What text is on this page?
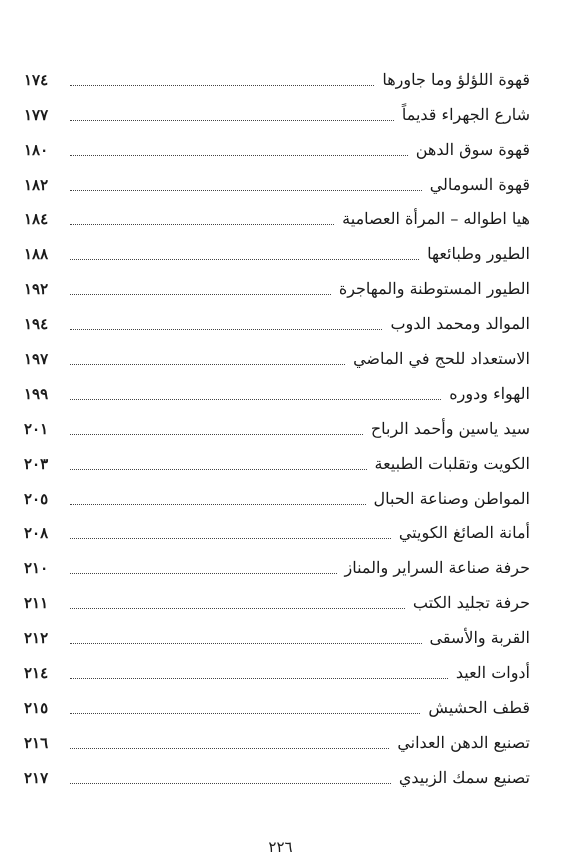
قهوة اللؤلؤ وما جاورها
١٧٤
شارع الجهراء قديماً
١٧٧
قهوة سوق الدهن
١٨٠
قهوة السومالي
١٨٢
هيا اطواله – المرأة العصامية
١٨٤
الطيور وطبائعها
١٨٨
الطيور المستوطنة والمهاجرة
١٩٢
الموالد ومحمد الدوب
١٩٤
الاستعداد للحج في الماضي
١٩٧
الهواء ودوره
١٩٩
سيد ياسين وأحمد الرباح
٢٠١
الكويت وتقلبات الطبيعة
٢٠٣
المواطن وصناعة الحبال
٢٠٥
أمانة الصائغ الكويتي
٢٠٨
حرفة صناعة السراير والمناز
٢١٠
حرفة تجليد الكتب
٢١١
القربة والأسقى
٢١٢
أدوات العيد
٢١٤
قطف الحشيش
٢١٥
تصنيع الدهن العداني
٢١٦
تصنيع سمك الزبيدي
٢١٧
٢٢٦
